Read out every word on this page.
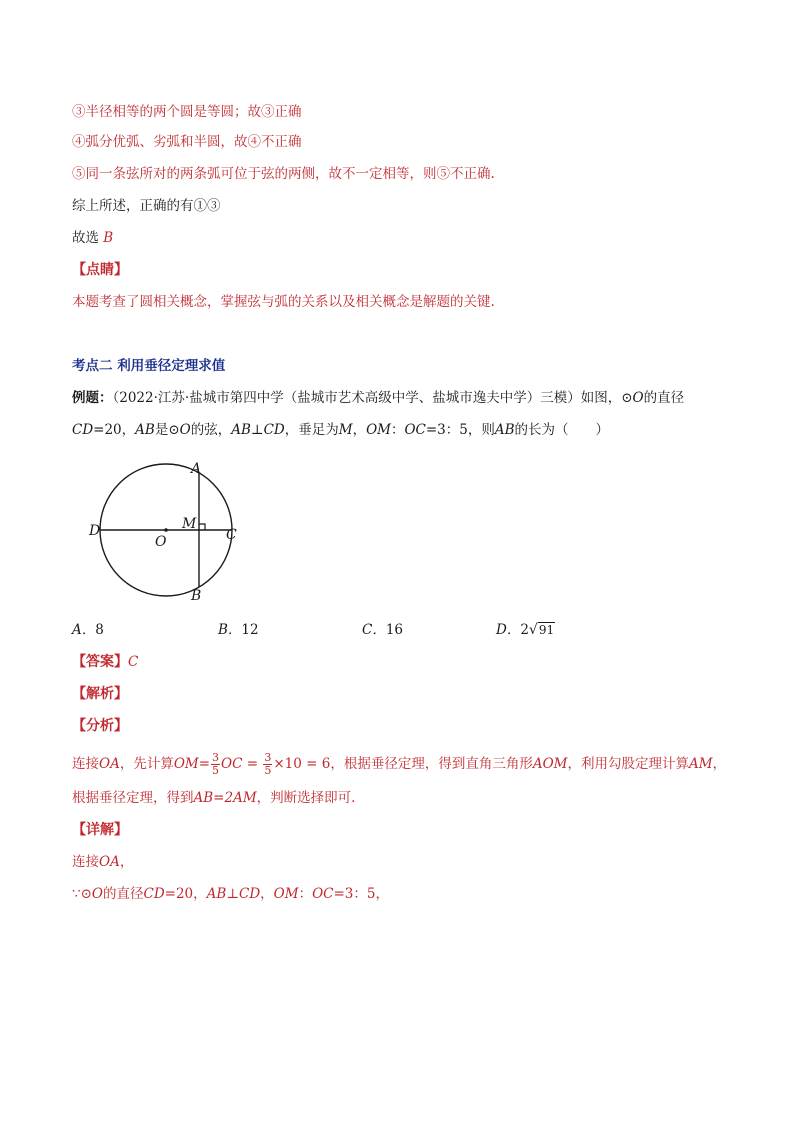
③半径相等的两个圆是等圆；故③正确
④弧分优弧、劣弧和半圆，故④不正确
⑤同一条弦所对的两条弧可位于弦的两侧，故不一定相等，则⑤不正确.
综上所述，正确的有①③
故选 B
【点睛】
本题考查了圆相关概念，掌握弦与弧的关系以及相关概念是解题的关键.
考点二 利用垂径定理求值
例题：（2022·江苏·盐城市第四中学（盐城市艺术高级中学、盐城市逸夫中学）三模）如图，⊙O的直径
CD=20，AB是⊙O的弦，AB⊥CD，垂足为M，OM：OC=3：5，则AB的长为（　　）
A
B
C
D	M
O
A．8	B．12	C．16	D．2√91
【答案】C
【解析】
【分析】
连接OA，先计算$OM= \frac{3}{5}$ OC = $\frac{3}{5} \times 10 = 6$，根据垂径定理，得到直角三角形AOM，利用勾股定理计算AM，
根据垂径定理，得到AB=2AM，判断选择即可.
【详解】
连接OA，
∵⊙O的直径CD=20，AB⊥CD，OM：OC=3：5，
